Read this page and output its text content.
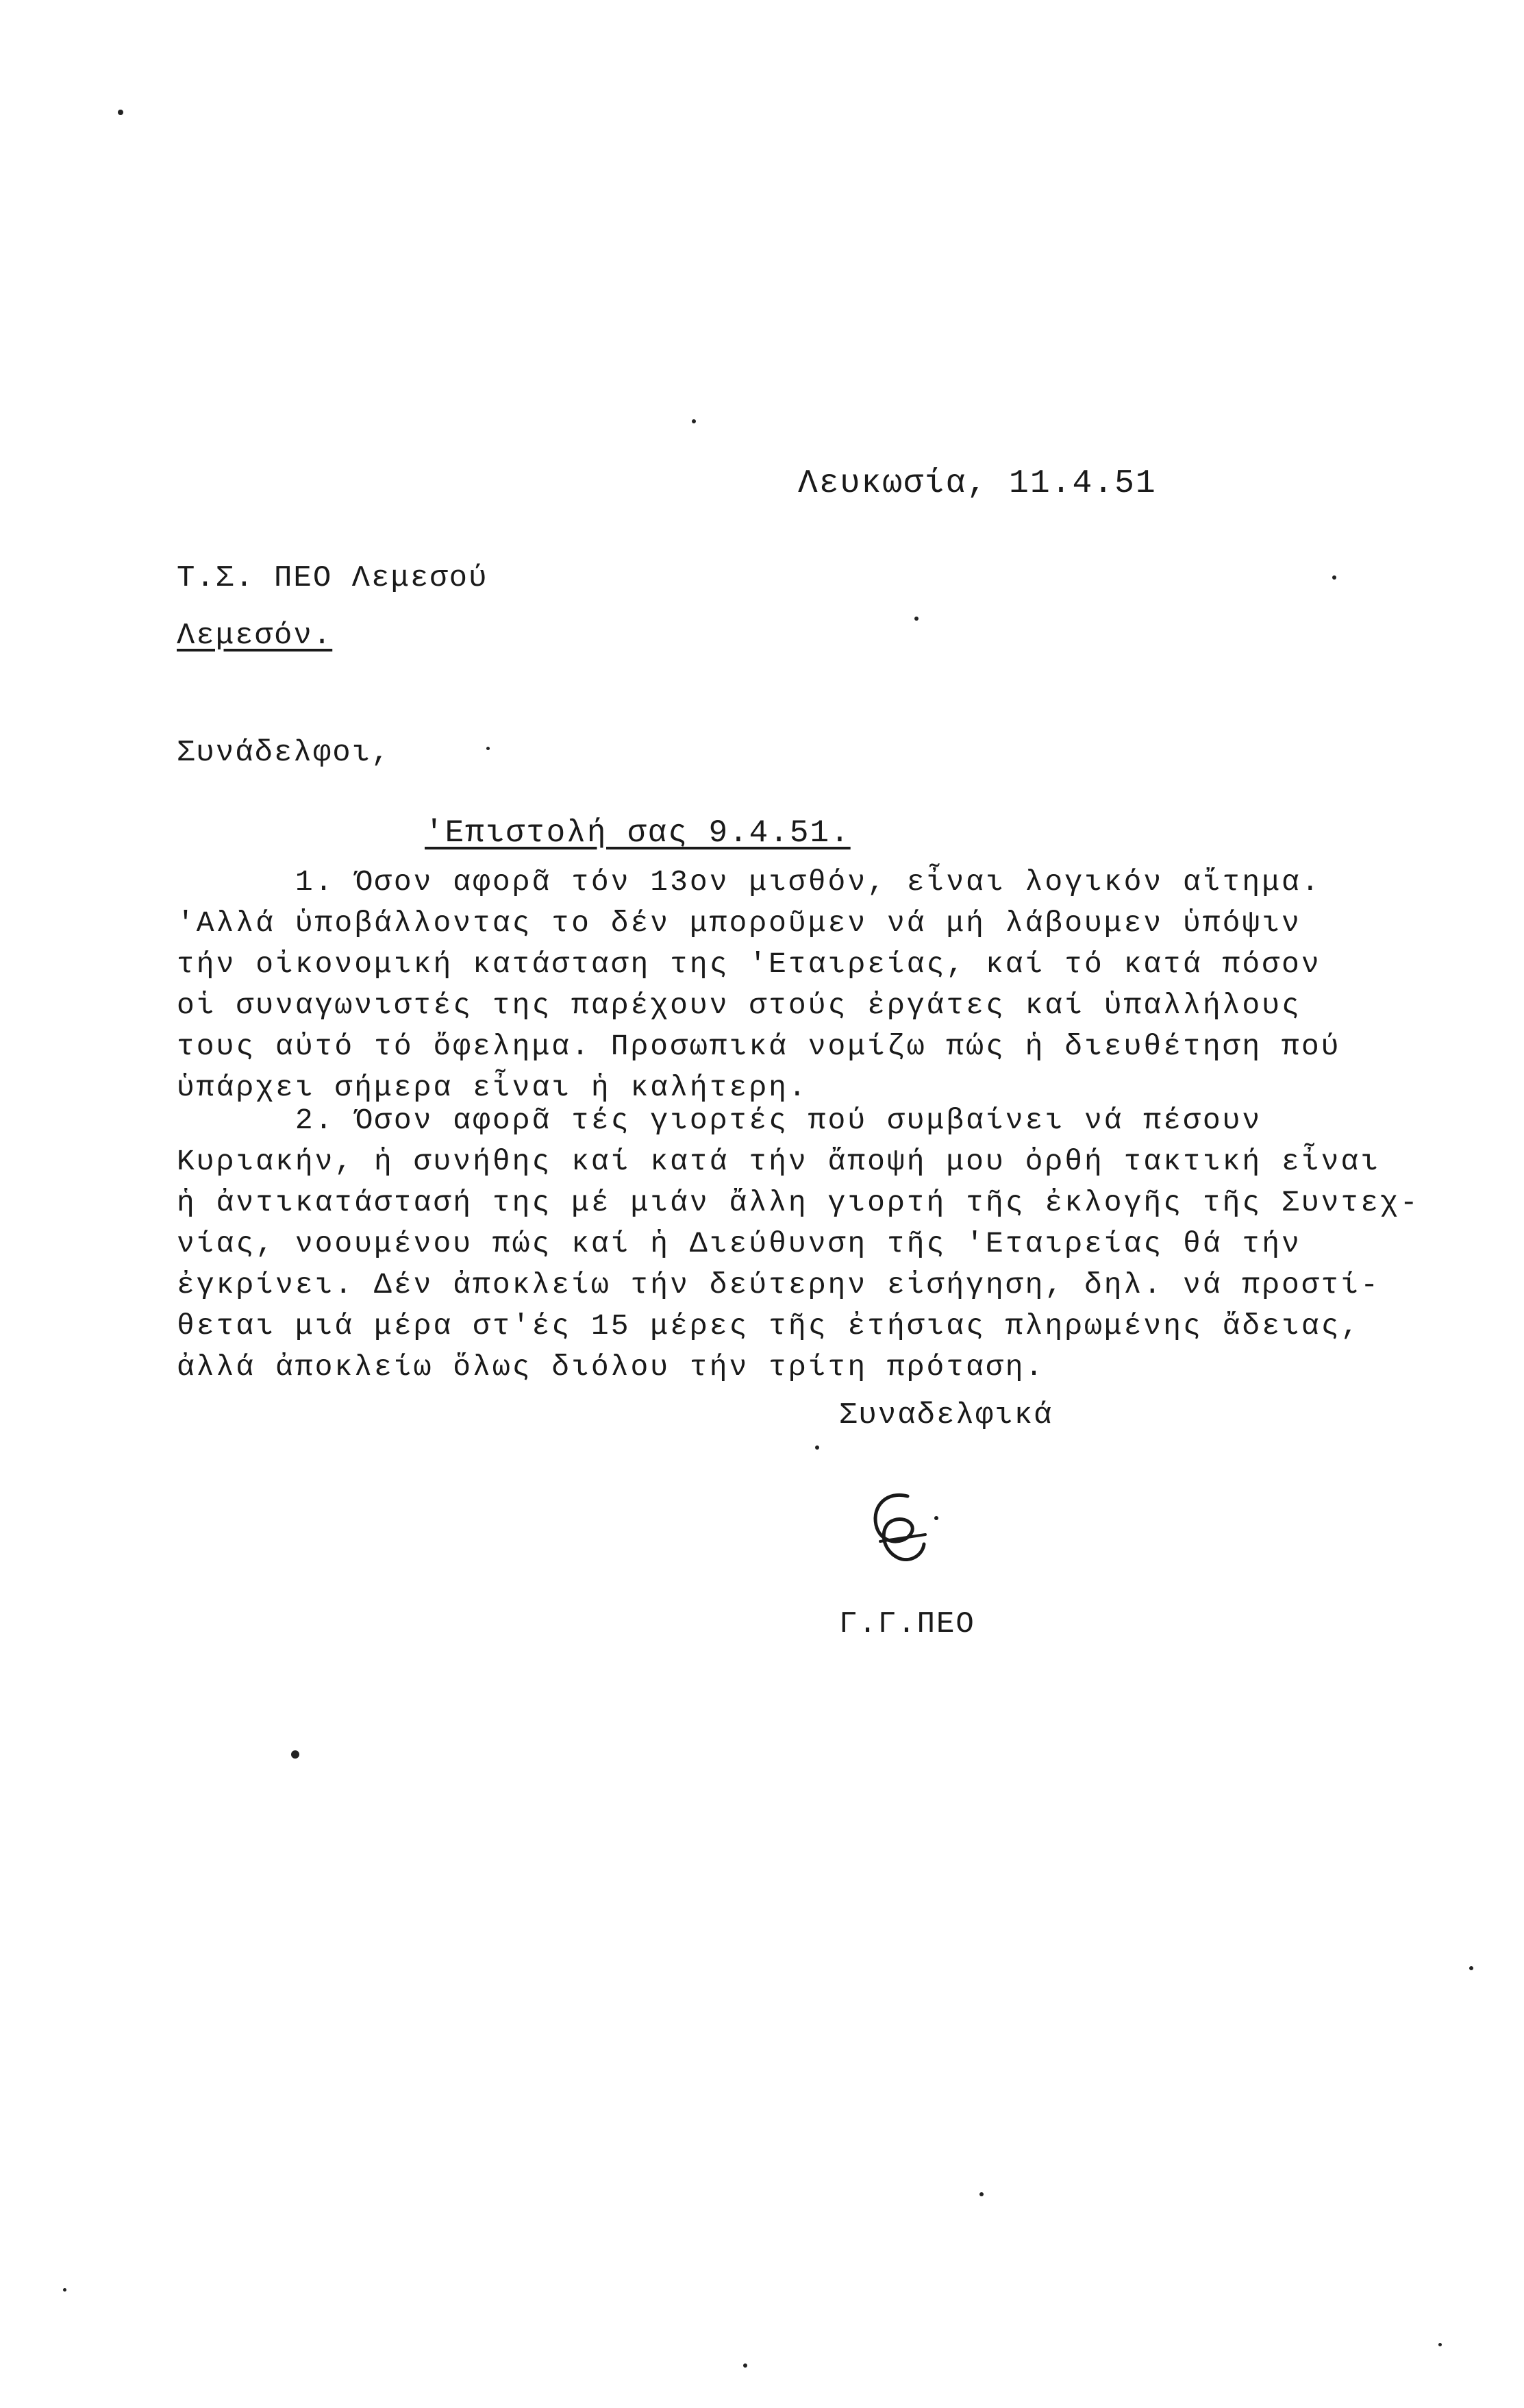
Λευκωσία, 11.4.51
Τ.Σ. ΠΕΟ Λεμεσού
Λεμεσόν.
Συνάδελφοι,
'Επιστολή σας 9.4.51.
1. Όσον αφορᾶ τόν 13ον μισθόν, εἶναι λογικόν αἴτημα.
'Αλλά ὑποβάλλοντας το δέν μποροῦμεν νά μή λάβουμεν ὑπόψιν
τήν οἰκονομική κατάσταση της 'Εταιρείας, καί τό κατά πόσον
οἱ συναγωνιστές της παρέχουν στούς ἐργάτες καί ὑπαλλήλους
τους αὐτό τό ὄφελημα. Προσωπικά νομίζω πώς ἡ διευθέτηση πού
ὑπάρχει σήμερα εἶναι ἡ καλήτερη.
2. Όσον αφορᾶ τές γιορτές πού συμβαίνει νά πέσουν
Κυριακήν, ἡ συνήθης καί κατά τήν ἄποψή μου ὀρθή τακτική εἶναι
ἡ ἀντικατάστασή της μέ μιάν ἄλλη γιορτή τῆς ἐκλογῆς τῆς Συντεχ-
νίας, νοουμένου πώς καί ἡ Διεύθυνση τῆς 'Εταιρείας θά τήν
ἐγκρίνει. Δέν ἀποκλείω τήν δεύτερην εἰσήγηση, δηλ. νά προστί-
θεται μιά μέρα στ'ές 15 μέρες τῆς ἐτήσιας πληρωμένης ἄδειας,
ἀλλά ἀποκλείω ὅλως διόλου τήν τρίτη πρόταση.
Συναδελφικά
Γ.Γ.ΠΕΟ
